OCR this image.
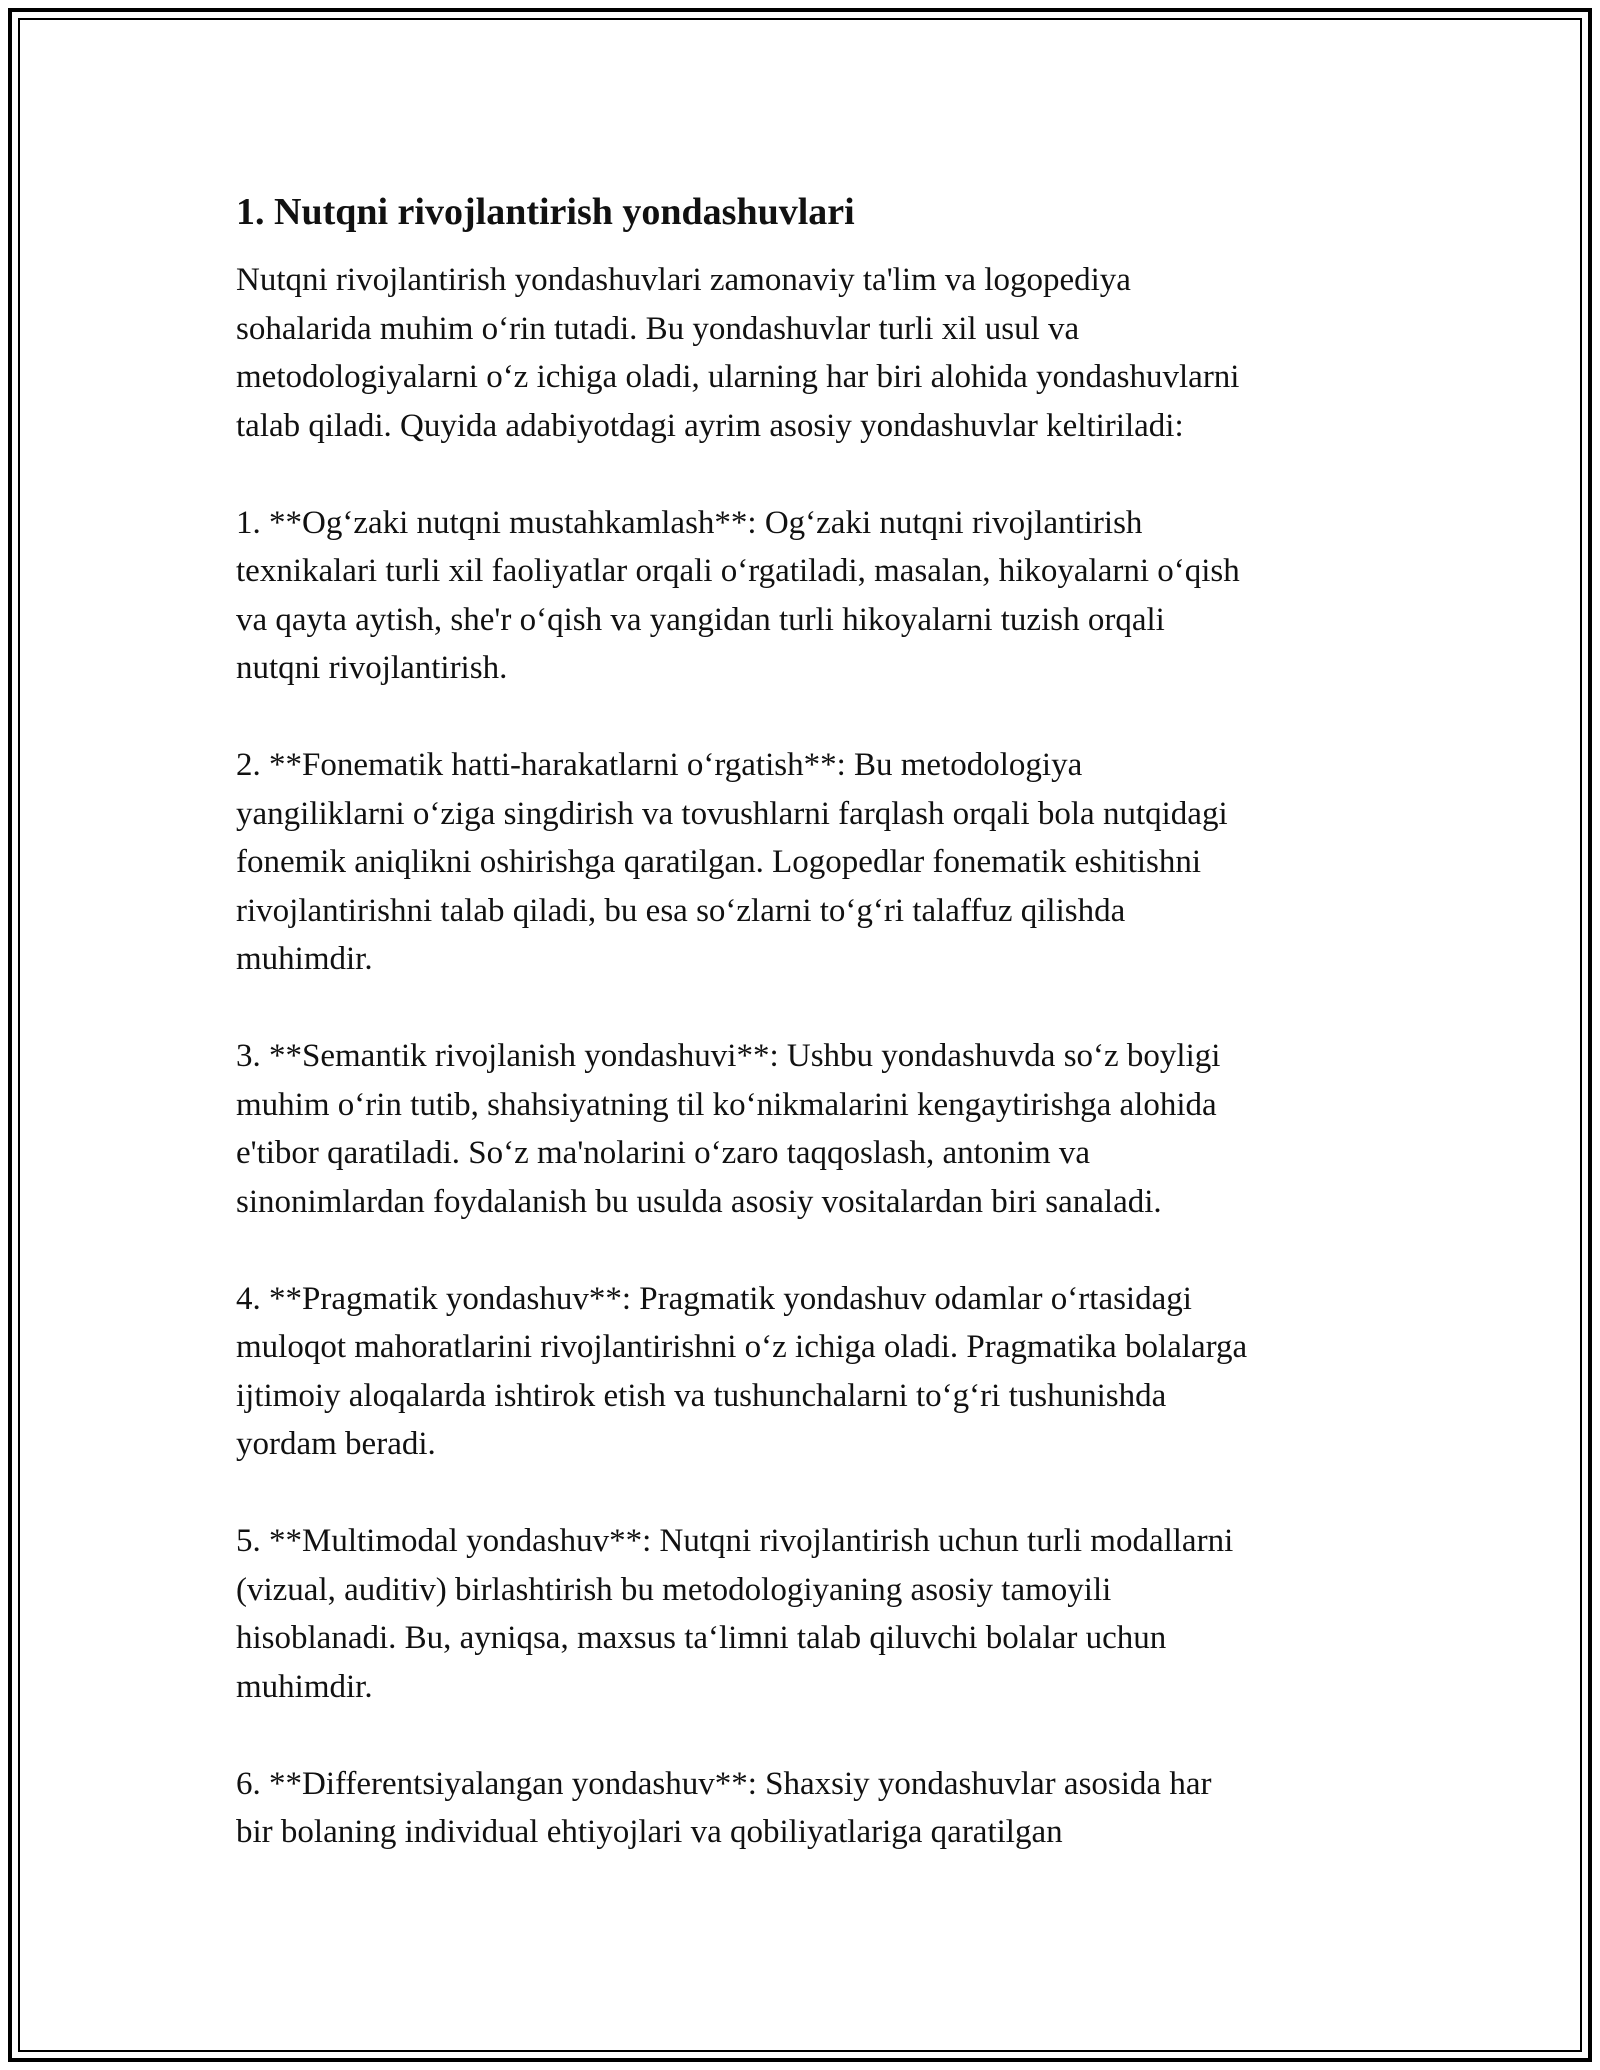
1. Nutqni rivojlantirish yondashuvlari
Nutqni rivojlantirish yondashuvlari zamonaviy ta'lim va logopediya
sohalarida muhim o‘rin tutadi. Bu yondashuvlar turli xil usul va
metodologiyalarni o‘z ichiga oladi, ularning har biri alohida yondashuvlarni
talab qiladi. Quyida adabiyotdagi ayrim asosiy yondashuvlar keltiriladi:
1. **Og‘zaki nutqni mustahkamlash**: Og‘zaki nutqni rivojlantirish
texnikalari turli xil faoliyatlar orqali o‘rgatiladi, masalan, hikoyalarni o‘qish
va qayta aytish, she'r o‘qish va yangidan turli hikoyalarni tuzish orqali
nutqni rivojlantirish.
2. **Fonematik hatti-harakatlarni o‘rgatish**: Bu metodologiya
yangiliklarni o‘ziga singdirish va tovushlarni farqlash orqali bola nutqidagi
fonemik aniqlikni oshirishga qaratilgan. Logopedlar fonematik eshitishni
rivojlantirishni talab qiladi, bu esa so‘zlarni to‘g‘ri talaffuz qilishda
muhimdir.
3. **Semantik rivojlanish yondashuvi**: Ushbu yondashuvda so‘z boyligi
muhim o‘rin tutib, shahsiyatning til ko‘nikmalarini kengaytirishga alohida
e'tibor qaratiladi. So‘z ma'nolarini o‘zaro taqqoslash, antonim va
sinonimlardan foydalanish bu usulda asosiy vositalardan biri sanaladi.
4. **Pragmatik yondashuv**: Pragmatik yondashuv odamlar o‘rtasidagi
muloqot mahoratlarini rivojlantirishni o‘z ichiga oladi. Pragmatika bolalarga
ijtimoiy aloqalarda ishtirok etish va tushunchalarni to‘g‘ri tushunishda
yordam beradi.
5. **Multimodal yondashuv**: Nutqni rivojlantirish uchun turli modallarni
(vizual, auditiv) birlashtirish bu metodologiyaning asosiy tamoyili
hisoblanadi. Bu, ayniqsa, maxsus ta‘limni talab qiluvchi bolalar uchun
muhimdir.
6. **Differentsiyalangan yondashuv**: Shaxsiy yondashuvlar asosida har
bir bolaning individual ehtiyojlari va qobiliyatlariga qaratilgan
